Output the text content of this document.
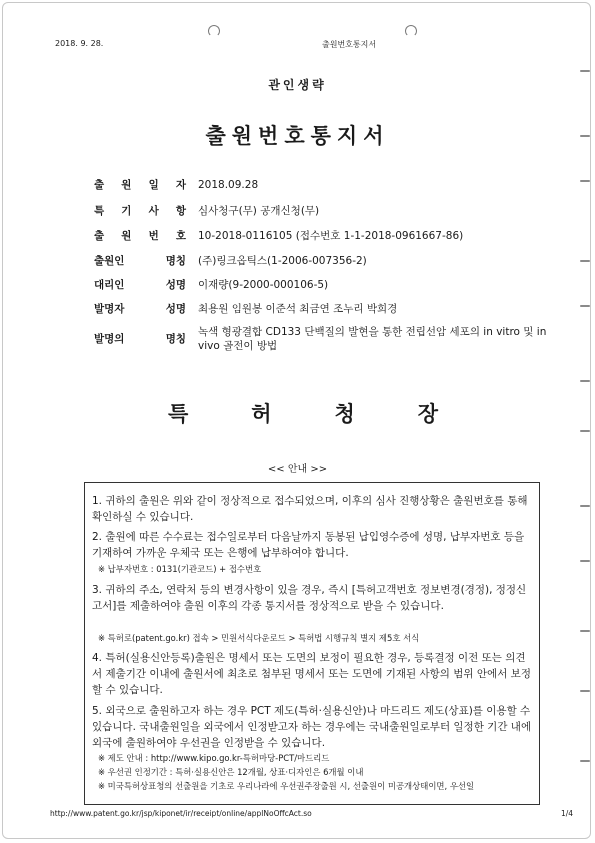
2018. 9. 28.	출원번호통지서
관인생략
출원번호통지서
출 원 일 자 2018.09.28
특 기 사 항 심사청구(무) 공개신청(무)
출 원 번 호 10-2018-0116105 (접수번호 1-1-2018-0961667-86)
출원인 명칭 (주)링크옵틱스(1-2006-007356-2)
대리인 성명 이재량(9-2000-000106-5)
발명자 성명 최용원 임원봉 이준석 최금연 조누리 박희경
발명의 명칭
녹색 형광결합 CD133 단백질의 발현을 통한 전립선암 세포의 in vitro 및 in vivo 골전이 방법
특	허	청	장
<< 안내 >>

1. 귀하의 출원은 위와 같이 정상적으로 접수되었으며, 이후의 심사 진행상황은 출원번호를 통해 확인하실 수 있습니다.

2. 출원에 따른 수수료는 접수일로부터 다음날까지 동봉된 납입영수증에 성명, 납부자번호 등을 기재하여 가까운 우체국 또는 은행에 납부하여야 합니다.

※ 납부자번호 : 0131(기관코드) + 접수번호

3. 귀하의 주소, 연락처 등의 변경사항이 있을 경우, 즉시 [특허고객번호 정보변경(경정), 정정신고서]를 제출하여야 출원 이후의 각종 통지서를 정상적으로 받을 수 있습니다.

※ 특허로(patent.go.kr) 접속 > 민원서식다운로드 > 특허법 시행규칙 별지 제5호 서식

4. 특허(실용신안등록)출원은 명세서 또는 도면의 보정이 필요한 경우, 등록결정 이전 또는 의견서 제출기간 이내에 출원서에 최초로 첨부된 명세서 또는 도면에 기재된 사항의 범위 안에서 보정할 수 있습니다.

5. 외국으로 출원하고자 하는 경우 PCT 제도(특허·실용신안)나 마드리드 제도(상표)를 이용할 수 있습니다. 국내출원일을 외국에서 인정받고자 하는 경우에는 국내출원일로부터 일정한 기간 내에 외국에 출원하여야 우선권을 인정받을 수 있습니다.

※ 제도 안내 : http://www.kipo.go.kr-특허마당-PCT/마드리드

※ 우선권 인정기간 : 특허·실용신안은 12개월, 상표·디자인은 6개월 이내

※ 미국특허상표청의 선출원을 기초로 우리나라에 우선권주장출원 시, 선출원이 미공개상태이면, 우선일

http://www.patent.go.kr/jsp/kiponet/ir/receipt/online/applNoOffcAct.so	1/4
